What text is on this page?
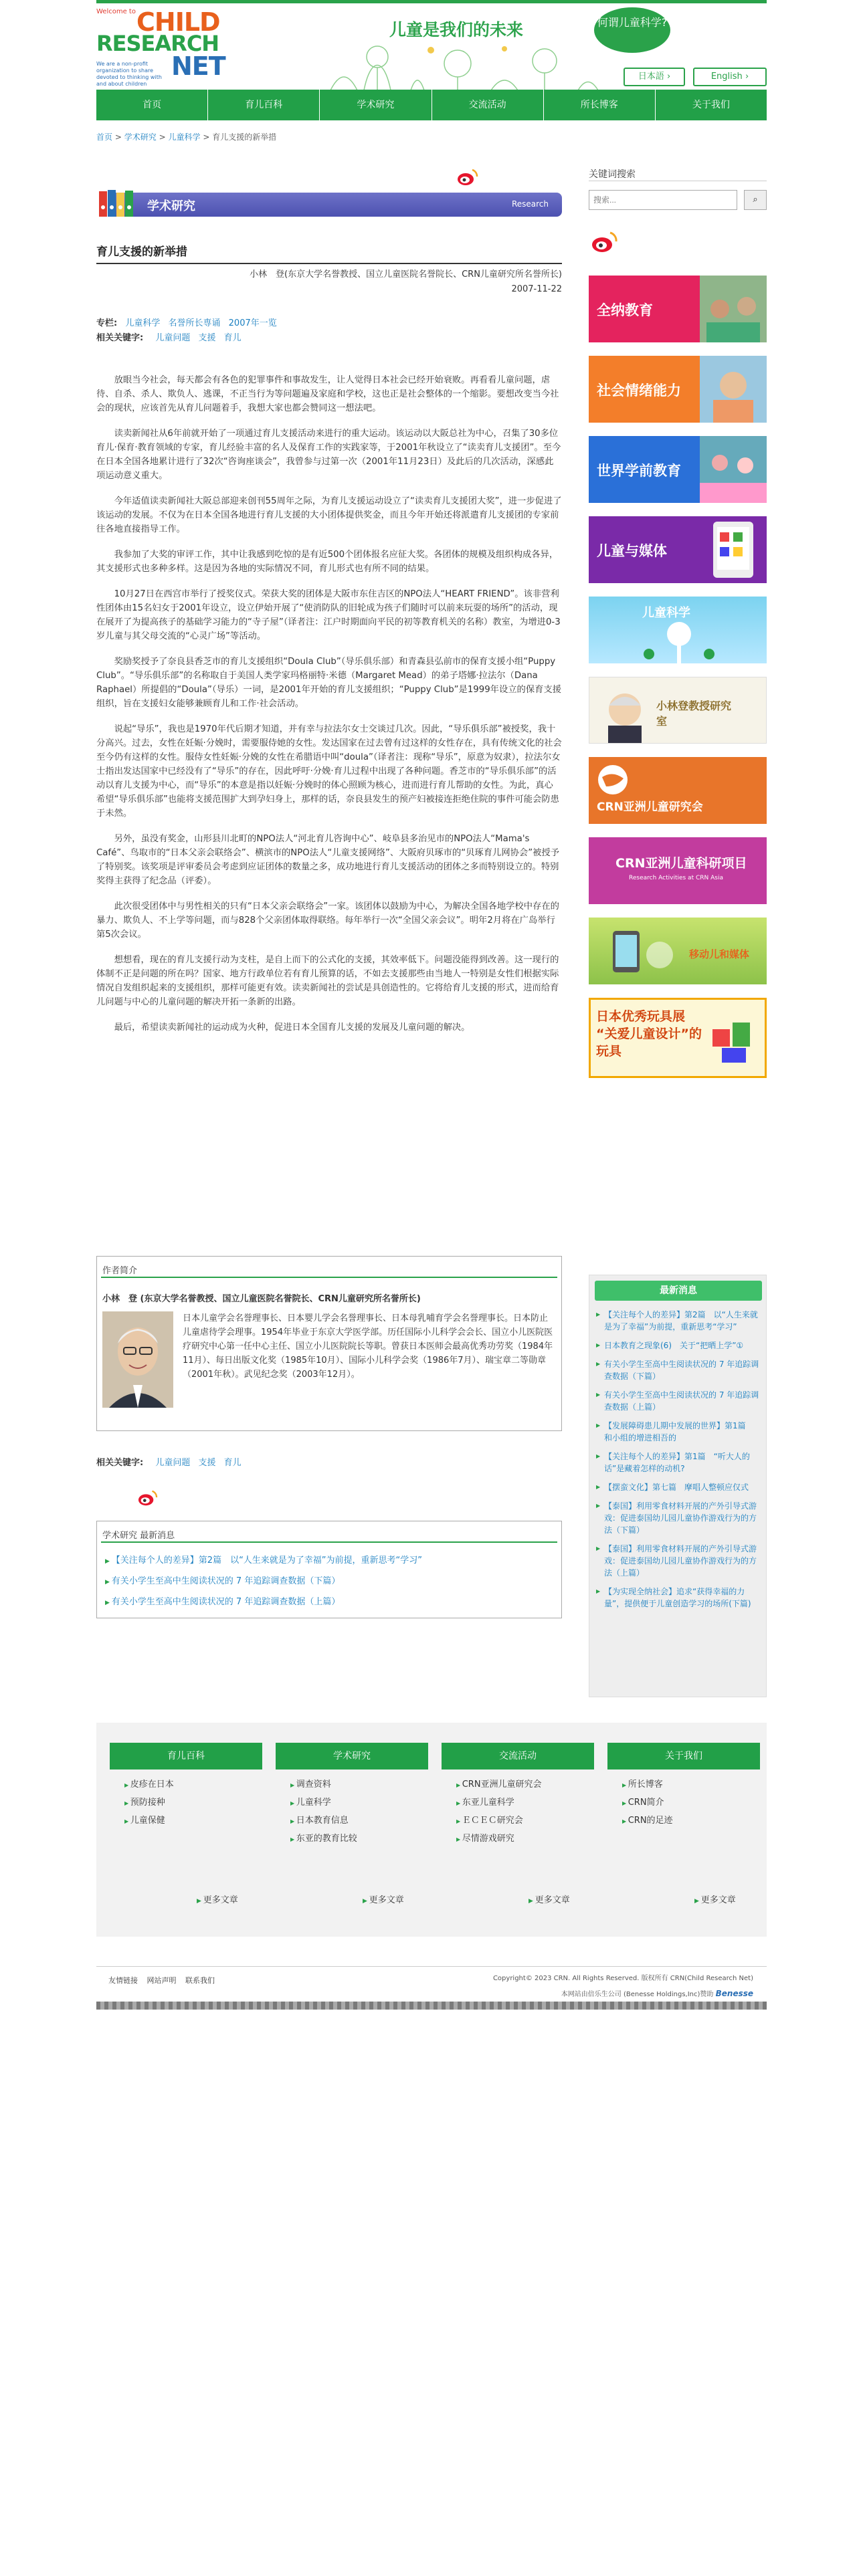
Welcome to CHILD
RESEARCH
NET
We are a non-profit organization to share devoted to thinking with and about children
儿童是我们的未来	何谓儿童科学?
日本語 ›	English ›
首页	育儿百科	学术研究	交流活动	所长博客	关于我们
首页 > 学术研究 > 儿童科学 > 育儿支援的新举措
学术研究	Research
育儿支援的新举措
小林　登(东京大学名誉教授、国立儿童医院名誉院长、CRN儿童研究所名誉所长)
2007-11-22
专栏: 儿童科学 名誉所长専诵 2007年一览
相关关键字: 儿童问题 支援 育儿

放眼当今社会，每天都会有各色的犯罪事件和事故发生，让人觉得日本社会已经开始衰败。再看看儿童问题，虐待、自杀、杀人、欺负人、逃课，不正当行为等问题遍及家庭和学校，这也正是社会整体的一个缩影。要想改变当今社会的现状，应该首先从育儿问题着手，我想大家也都会赞同这一想法吧。

读卖新闻社从6年前就开始了一项通过育儿支援活动来进行的重大运动。该运动以大阪总社为中心，召集了30多位育儿·保育·教育领域的专家，育儿经验丰富的名人及保育工作的实践家等，于2001年秋设立了“读卖育儿支援团”。至今在日本全国各地累计进行了32次“咨询座谈会”，我曾参与过第一次（2001年11月23日）及此后的几次活动，深感此项运动意义重大。

今年适值读卖新闻社大阪总部迎来创刊55周年之际，为育儿支援运动设立了“读卖育儿支援团大奖”，进一步促进了该运动的发展。不仅为在日本全国各地进行育儿支援的大小团体提供奖金，而且今年开始还将派遣育儿支援团的专家前往各地直接指导工作。

我参加了大奖的审评工作，其中让我感到吃惊的是有近500个团体报名应征大奖。各团体的规模及组织构成各异，其支援形式也多种多样。这是因为各地的实际情况不同，育儿形式也有所不同的结果。

10月27日在西宫市举行了授奖仪式。荣获大奖的团体是大阪市东住吉区的NPO法人“HEART FRIEND”。该非营利性团体由15名妇女于2001年设立，设立伊始开展了“使消防队的旧轮成为孩子们随时可以前来玩耍的场所”的活动，现在展开了为提高孩子的基础学习能力的“寺子屋”（译者注：江户时期面向平民的初等教育机关的名称）教室，为增进0-3岁儿童与其父母交流的“心灵广场”等活动。

奖励奖授予了奈良县香芝市的育儿支援组织“Doula Club”（导乐俱乐部）和青森县弘前市的保育支援小组“Puppy Club”。“导乐俱乐部”的名称取自于美国人类学家玛格丽特·米德（Margaret Mead）的弟子塔娜·拉法尔（Dana Raphael）所提倡的“Doula”（导乐）一词，是2001年开始的育儿支援组织；“Puppy Club”是1999年设立的保育支援组织，旨在支援妇女能够兼顾育儿和工作·社会活动。

说起“导乐”，我也是1970年代后期才知道，并有幸与拉法尔女士交谈过几次。因此，“导乐俱乐部”被授奖，我十分高兴。过去，女性在妊娠·分娩时，需要服侍她的女性。发达国家在过去曾有过这样的女性存在，具有传统文化的社会至今仍有这样的女性。服侍女性妊娠·分娩的女性在希腊语中叫“doula”（译者注：现称“导乐”，原意为奴隶），拉法尔女士指出发达国家中已经没有了“导乐”的存在，因此呼吁·分娩·育儿过程中出现了各种问题。香芝市的“导乐俱乐部”的活动以育儿支援为中心，而“导乐”的本意是指以妊娠·分娩时的体心照顾为核心，进而进行育儿帮助的女性。为此，真心希望“导乐俱乐部”也能将支援范围扩大到孕妇身上，那样的话，奈良县发生的预产妇被接连拒绝住院的事件可能会防患于未然。

另外，虽没有奖金，山形县川北町的NPO法人“河北育儿咨询中心”、岐阜县多治见市的NPO法人“Mama's Café”、鸟取市的“日本父亲会联络会”、横滨市的NPO法人“儿童支援网络”、大阪府贝琢市的“贝琢育儿网协会”被授予了特别奖。该奖项是评审委员会考虑到应证团体的数量之多，成功地进行育儿支援活动的团体之多而特别设立的。特别奖得主获得了纪念品（评委）。

此次很受团体中与男性相关的只有“日本父亲会联络会”一家。该团体以鼓励为中心，为解决全国各地学校中存在的暴力、欺负人、不上学等问题，而与828个父亲团体取得联络。每年举行一次“全国父亲会议”。明年2月将在广岛举行第5次会议。

想想看，现在的育儿支援行动为支柱，是自上而下的公式化的支援，其效率低下。问题没能得到改善。这一现行的体制不正是问题的所在吗？国家、地方行政单位若有育儿预算的话，不如去支援那些由当地人一特别是女性们根据实际情况自发组织起来的支援组织，那样可能更有效。读卖新闻社的尝试是具创造性的。它将给育儿支援的形式，进而给育儿问题与中心的儿童问题的解决开拓一条新的出路。

最后，希望读卖新闻社的运动成为火种，促进日本全国育儿支援的发展及儿童问题的解决。

作者简介
小林　登 (东京大学名誉教授、国立儿童医院名誉院长、CRN儿童研究所名誉所长)
日本儿童学会名誉理事长、日本婴儿学会名誉理事长、日本母乳哺育学会名誉理事长。日本防止儿童虐待学会理事。1954年毕业于东京大学医学部。历任国际小儿科学会会长、国立小儿医院医疗研究中心第一任中心主任、国立小儿医院院长等职。曾获日本医师会最高优秀功劳奖（1984年11月）、每日出版文化奖（1985年10月）、国际小儿科学会奖（1986年7月）、瑞宝章二等勋章（2001年秋）。武见纪念奖（2003年12月）。
相关关键字: 儿童问题 支援 育儿
学术研究 最新消息
▶ 【关注每个人的差异】第2篇　以“人生来就是为了幸福”为前提，重新思考“学习”
▶ 有关小学生至高中生阅读状况的 7 年追踪调查数据（下篇）
▶ 有关小学生至高中生阅读状况的 7 年追踪调查数据（上篇）
关键词搜索
搜索...
⌕
全纳教育
社会情绪能力
世界学前教育
儿童与媒体
儿童科学
小林登教授研究室
CRN亚洲儿童研究会
CRN亚洲儿童科研项目
Research Activities at CRN Asia
移动儿和媒体
日本优秀玩具展 “关爱儿童设计”的玩具
最新消息
▶ 【关注每个人的差异】第2篇　以“人生来就是为了幸福”为前提，重新思考“学习”
▶ 日本教育之现象(6)　关于“把晒上学”①
▶ 有关小学生至高中生阅读状况的 7 年追踪调查数据（下篇）
▶ 有关小学生至高中生阅读状况的 7 年追踪调查数据（上篇）
▶ 【发展障碍患儿期中发展的世界】第1篇　和小组的增进相吾的
▶ 【关注每个人的差异】第1篇　“听大人的话”是藏着怎样的动机?
▶ 【摆蛮文化】第七篇　摩唱人整顿应仅式
▶ 【泰国】利用零食材料开展的产外引导式游戏：促进泰国幼儿园儿童协作游戏行为的方法（下篇）
▶ 【泰国】利用零食材料开展的产外引导式游戏：促进泰国幼儿园儿童协作游戏行为的方法（上篇）
▶ 【为实现全纳社会】追求“获得幸福的力量”，提供便于儿童创造学习的场所(下篇)
育儿百科
▶ 皮疹在日本
▶ 预防接种
▶ 儿童保健
学术研究
▶ 调查资料
▶ 儿童科学
▶ 日本教育信息
▶ 东亚的教育比较
交流活动
▶ CRN亚洲儿童研究会
▶ 东亚儿童科学
▶ ＥＣＥＣ研究会
▶ 尽情游戏研究
关于我们
▶ 所长博客
▶ CRN简介
▶ CRN的足迹
▶ 更多文章	▶ 更多文章	▶ 更多文章	▶ 更多文章
友情链接 网站声明 联系我们	Copyright© 2023 CRN. All Rights Reserved. 版权所有 CRN(Child Research Net)
本网站由倍乐生公司 (Benesse Holdings,Inc)赞助 Benesse
